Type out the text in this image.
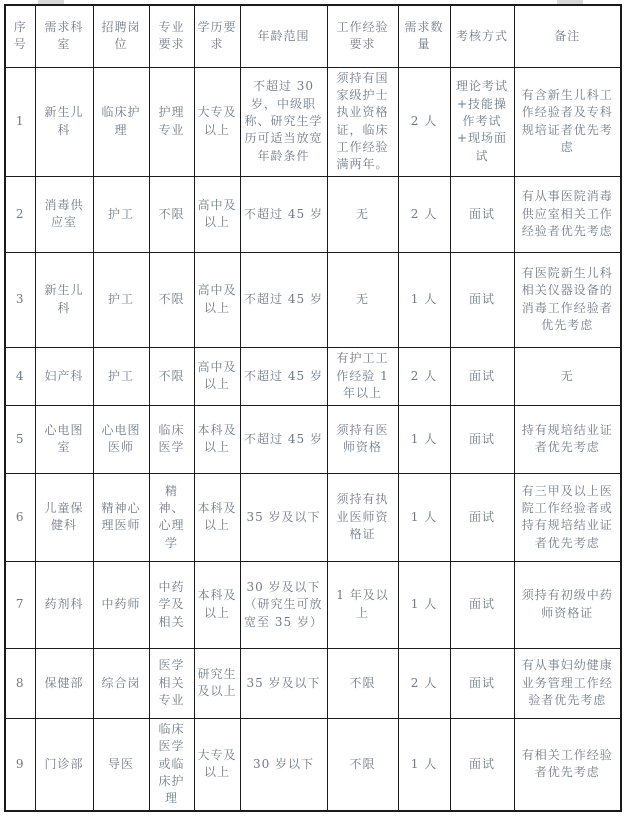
序号	需求科室	招聘岗位	专业要求	学历要求	年龄范围	工作经验要求	需求数量	考核方式	备注
1	新生儿科	临床护理	护理专业	大专及以上	不超过 30 岁，中级职称、研究生学历可适当放宽年龄条件	须持有国家级护士执业资格证，临床工作经验满两年。	2 人	理论考试+技能操作考试+现场面试	有含新生儿科工作经验者及专科规培证者优先考虑
2	消毒供应室	护工	不限	高中及以上	不超过 45 岁	无	2 人	面试	有从事医院消毒供应室相关工作经验者优先考虑
3	新生儿科	护工	不限	高中及以上	不超过 45 岁	无	1 人	面试	有医院新生儿科相关仪器设备的消毒工作经验者优先考虑
4	妇产科	护工	不限	高中及以上	不超过 45 岁	有护工工作经验 1 年以上	2 人	面试	无
5	心电图室	心电图医师	临床医学	本科及以上	不超过 45 岁	须持有医师资格	1 人	面试	持有规培结业证者优先考虑
6	儿童保健科	精神心理医师	精神、心理学	本科及以上	35 岁及以下	须持有执业医师资格证	1 人	面试	有三甲及以上医院工作经验者或持有规培结业证者优先考虑
7	药剂科	中药师	中药学及相关	本科及以上	30 岁及以下（研究生可放宽至 35 岁）	1 年及以上	1 人	面试	须持有初级中药师资格证
8	保健部	综合岗	医学相关专业	研究生及以上	35 岁及以下	不限	2 人	面试	有从事妇幼健康业务管理工作经验者优先考虑
9	门诊部	导医	临床医学或临床护理	大专及以上	30 岁以下	不限	1 人	面试	有相关工作经验者优先考虑
